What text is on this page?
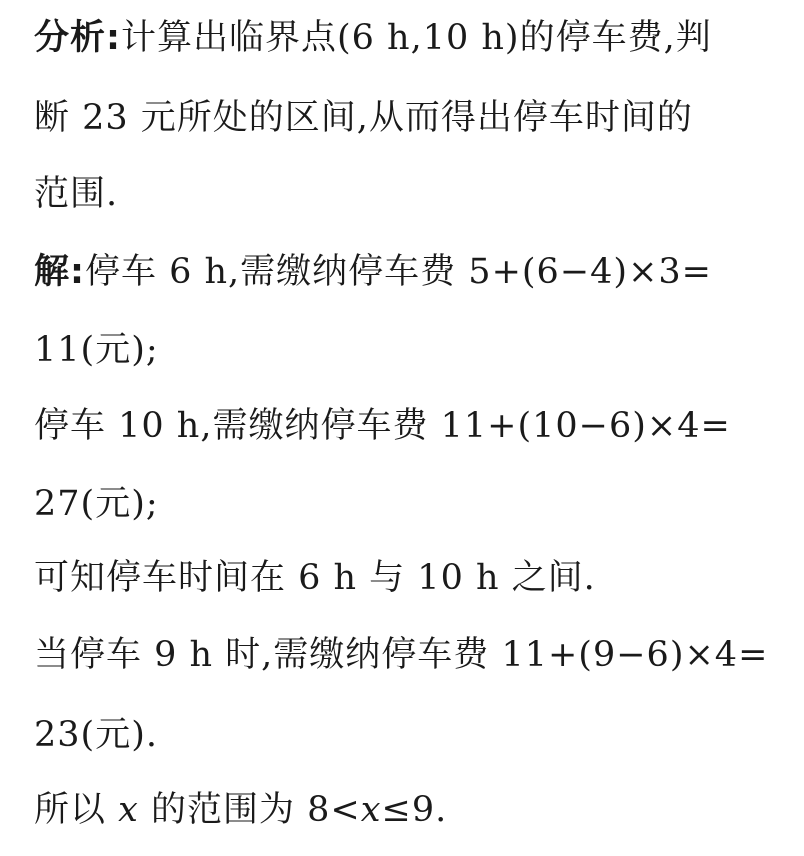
分析:计算出临界点(6 h,10 h)的停车费,判
断 23 元所处的区间,从而得出停车时间的
范围.
解:停车 6 h,需缴纳停车费 5+(6−4)×3=
11(元);
停车 10 h,需缴纳停车费 11+(10−6)×4=
27(元);
可知停车时间在 6 h 与 10 h 之间.
当停车 9 h 时,需缴纳停车费 11+(9−6)×4=
23(元).
所以 x 的范围为 8<x≤9.
